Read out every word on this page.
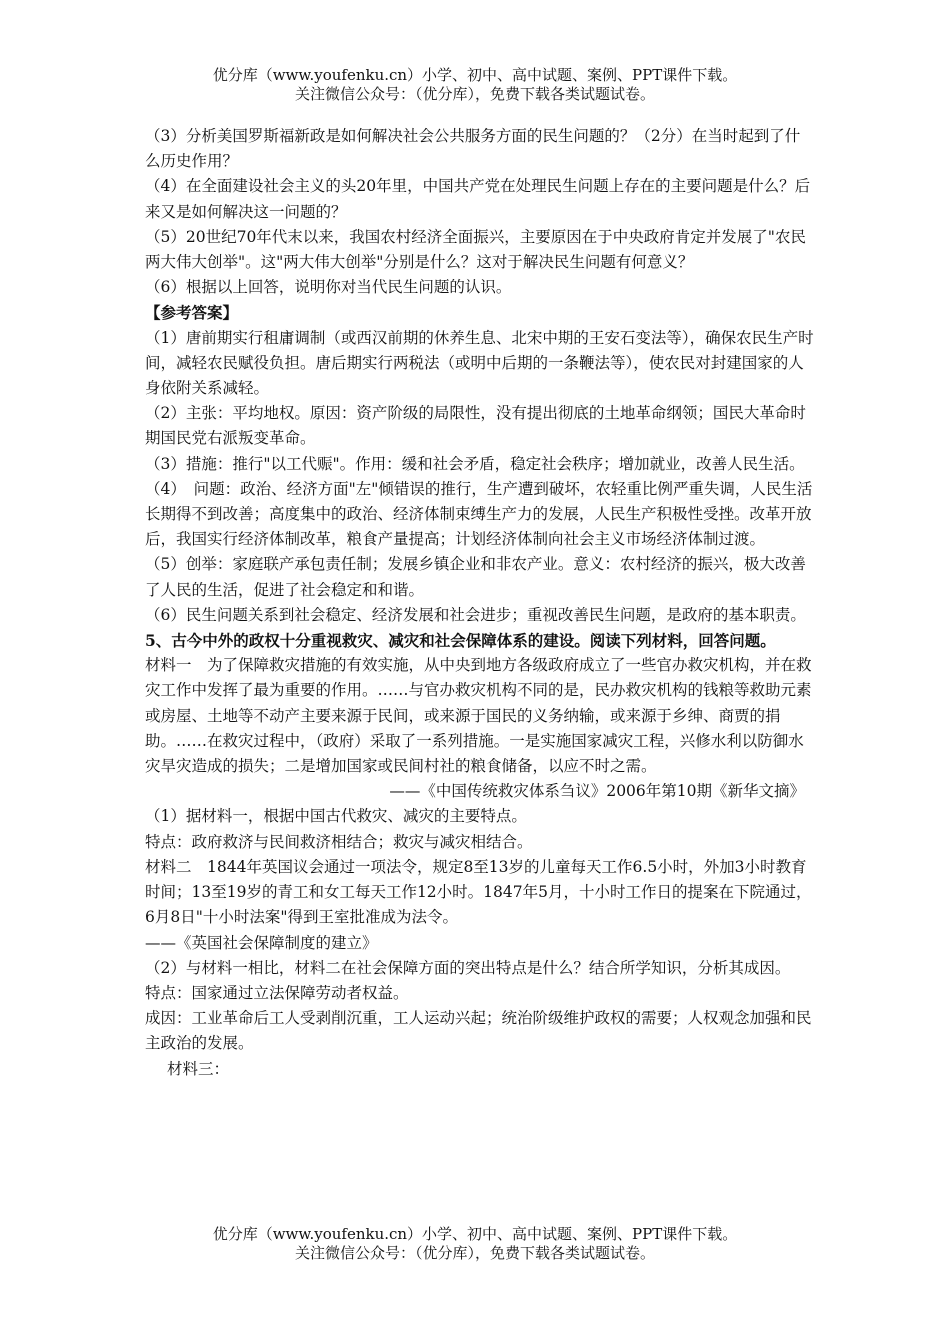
优分库（www.youfenku.cn）小学、初中、高中试题、案例、PPT课件下载。
关注微信公众号：（优分库），免费下载各类试题试卷。

（3）分析美国罗斯福新政是如何解决社会公共服务方面的民生问题的？（2分）在当时起到了什么历史作用？

（4）在全面建设社会主义的头20年里，中国共产党在处理民生问题上存在的主要问题是什么？后来又是如何解决这一问题的？

（5）20世纪70年代末以来，我国农村经济全面振兴，主要原因在于中央政府肯定并发展了"农民两大伟大创举"。这"两大伟大创举"分别是什么？这对于解决民生问题有何意义？

（6）根据以上回答，说明你对当代民生问题的认识。

【参考答案】

（1）唐前期实行租庸调制（或西汉前期的休养生息、北宋中期的王安石变法等），确保农民生产时间，减轻农民赋役负担。唐后期实行两税法（或明中后期的一条鞭法等），使农民对封建国家的人身依附关系减轻。

（2）主张：平均地权。原因：资产阶级的局限性，没有提出彻底的土地革命纲领；国民大革命时期国民党右派叛变革命。

（3）措施：推行"以工代赈"。作用：缓和社会矛盾，稳定社会秩序；增加就业，改善人民生活。

（4）　问题：政治、经济方面"左"倾错误的推行，生产遭到破坏，农轻重比例严重失调，人民生活长期得不到改善；高度集中的政治、经济体制束缚生产力的发展，人民生产积极性受挫。改革开放后，我国实行经济体制改革，粮食产量提高；计划经济体制向社会主义市场经济体制过渡。

（5）创举：家庭联产承包责任制；发展乡镇企业和非农产业。意义：农村经济的振兴，极大改善了人民的生活，促进了社会稳定和和谐。

（6）民生问题关系到社会稳定、经济发展和社会进步；重视改善民生问题，是政府的基本职责。

5、古今中外的政权十分重视救灾、减灾和社会保障体系的建设。阅读下列材料，回答问题。

材料一　为了保障救灾措施的有效实施，从中央到地方各级政府成立了一些官办救灾机构，并在救灾工作中发挥了最为重要的作用。……与官办救灾机构不同的是，民办救灾机构的钱粮等救助元素或房屋、土地等不动产主要来源于民间，或来源于国民的义务纳输，或来源于乡绅、商贾的捐助。……在救灾过程中，（政府）采取了一系列措施。一是实施国家减灾工程，兴修水利以防御水灾旱灾造成的损失；二是增加国家或民间村社的粮食储备，以应不时之需。

——《中国传统救灾体系刍议》2006年第10期《新华文摘》

（1）据材料一，根据中国古代救灾、减灾的主要特点。

特点：政府救济与民间救济相结合；救灾与减灾相结合。

材料二　1844年英国议会通过一项法令，规定8至13岁的儿童每天工作6.5小时，外加3小时教育时间；13至19岁的青工和女工每天工作12小时。1847年5月，十小时工作日的提案在下院通过，6月8日"十小时法案"得到王室批准成为法令。

——《英国社会保障制度的建立》

（2）与材料一相比，材料二在社会保障方面的突出特点是什么？结合所学知识，分析其成因。

特点：国家通过立法保障劳动者权益。

成因：工业革命后工人受剥削沉重，工人运动兴起；统治阶级维护政权的需要；人权观念加强和民主政治的发展。

材料三：

优分库（www.youfenku.cn）小学、初中、高中试题、案例、PPT课件下载。
关注微信公众号：（优分库），免费下载各类试题试卷。
